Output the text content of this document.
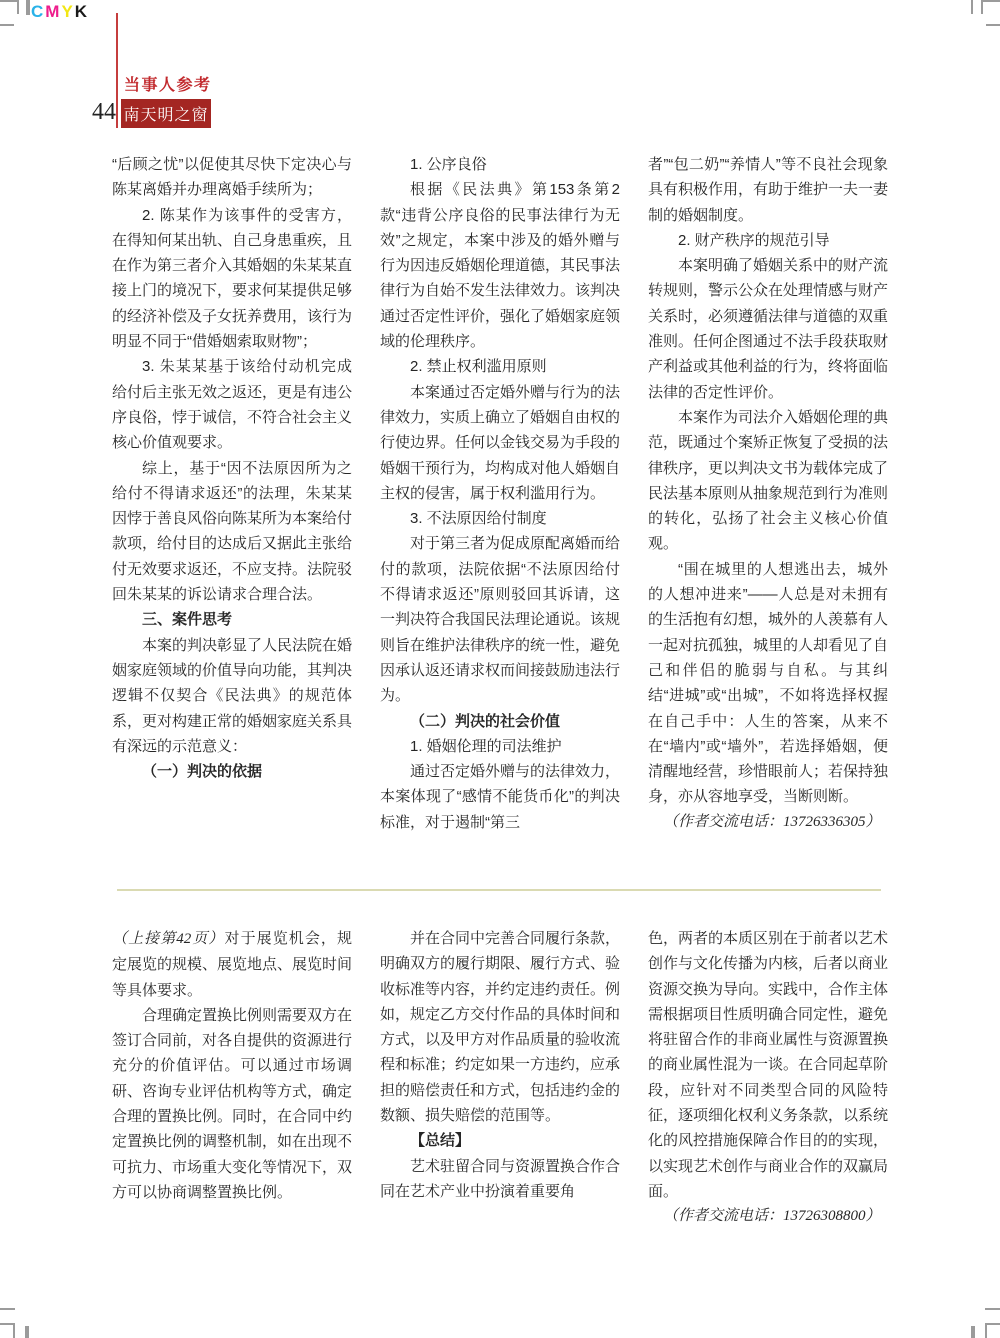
CMYK
44
当事人参考
南天明之窗

“后顾之忧”以促使其尽快下定决心与陈某离婚并办理离婚手续所为；

2. 陈某作为该事件的受害方，在得知何某出轨、自己身患重疾，且在作为第三者介入其婚姻的朱某某直接上门的境况下，要求何某提供足够的经济补偿及子女抚养费用，该行为明显不同于“借婚姻索取财物”；

3. 朱某某基于该给付动机完成给付后主张无效之返还，更是有违公序良俗，悖于诚信，不符合社会主义核心价值观要求。

综上，基于“因不法原因所为之给付不得请求返还”的法理，朱某某因悖于善良风俗向陈某所为本案给付款项，给付目的达成后又据此主张给付无效要求返还，不应支持。法院驳回朱某某的诉讼请求合理合法。

三、案件思考

本案的判决彰显了人民法院在婚姻家庭领域的价值导向功能，其判决逻辑不仅契合《民法典》的规范体系，更对构建正常的婚姻家庭关系具有深远的示范意义：

（一）判决的依据

1. 公序良俗

根据《民法典》第153条第2款“违背公序良俗的民事法律行为无效”之规定，本案中涉及的婚外赠与行为因违反婚姻伦理道德，其民事法律行为自始不发生法律效力。该判决通过否定性评价，强化了婚姻家庭领域的伦理秩序。

2. 禁止权利滥用原则

本案通过否定婚外赠与行为的法律效力，实质上确立了婚姻自由权的行使边界。任何以金钱交易为手段的婚姻干预行为，均构成对他人婚姻自主权的侵害，属于权利滥用行为。

3. 不法原因给付制度

对于第三者为促成原配离婚而给付的款项，法院依据“不法原因给付不得请求返还”原则驳回其诉请，这一判决符合我国民法理论通说。该规则旨在维护法律秩序的统一性，避免因承认返还请求权而间接鼓励违法行为。

（二）判决的社会价值

1. 婚姻伦理的司法维护

通过否定婚外赠与的法律效力，本案体现了“感情不能货币化”的判决标准，对于遏制“第三

者”“包二奶”“养情人”等不良社会现象具有积极作用，有助于维护一夫一妻制的婚姻制度。

2. 财产秩序的规范引导

本案明确了婚姻关系中的财产流转规则，警示公众在处理情感与财产关系时，必须遵循法律与道德的双重准则。任何企图通过不法手段获取财产利益或其他利益的行为，终将面临法律的否定性评价。

本案作为司法介入婚姻伦理的典范，既通过个案矫正恢复了受损的法律秩序，更以判决文书为载体完成了民法基本原则从抽象规范到行为准则的转化，弘扬了社会主义核心价值观。

“围在城里的人想逃出去，城外的人想冲进来”——人总是对未拥有的生活抱有幻想，城外的人羡慕有人一起对抗孤独，城里的人却看见了自己和伴侣的脆弱与自私。与其纠结“进城”或“出城”，不如将选择权握在自己手中：人生的答案，从来不在“墙内”或“墙外”，若选择婚姻，便清醒地经营，珍惜眼前人；若保持独身，亦从容地享受，当断则断。

（作者交流电话：13726336305）

（上接第42页）对于展览机会，规定展览的规模、展览地点、展览时间等具体要求。

合理确定置换比例则需要双方在签订合同前，对各自提供的资源进行充分的价值评估。可以通过市场调研、咨询专业评估机构等方式，确定合理的置换比例。同时，在合同中约定置换比例的调整机制，如在出现不可抗力、市场重大变化等情况下，双方可以协商调整置换比例。

并在合同中完善合同履行条款，明确双方的履行期限、履行方式、验收标准等内容，并约定违约责任。例如，规定乙方交付作品的具体时间和方式，以及甲方对作品质量的验收流程和标准；约定如果一方违约，应承担的赔偿责任和方式，包括违约金的数额、损失赔偿的范围等。

【总结】

艺术驻留合同与资源置换合作合同在艺术产业中扮演着重要角

色，两者的本质区别在于前者以艺术创作与文化传播为内核，后者以商业资源交换为导向。实践中，合作主体需根据项目性质明确合同定性，避免将驻留合作的非商业属性与资源置换的商业属性混为一谈。在合同起草阶段，应针对不同类型合同的风险特征，逐项细化权利义务条款，以系统化的风控措施保障合作目的的实现，以实现艺术创作与商业合作的双赢局面。

（作者交流电话：13726308800）
